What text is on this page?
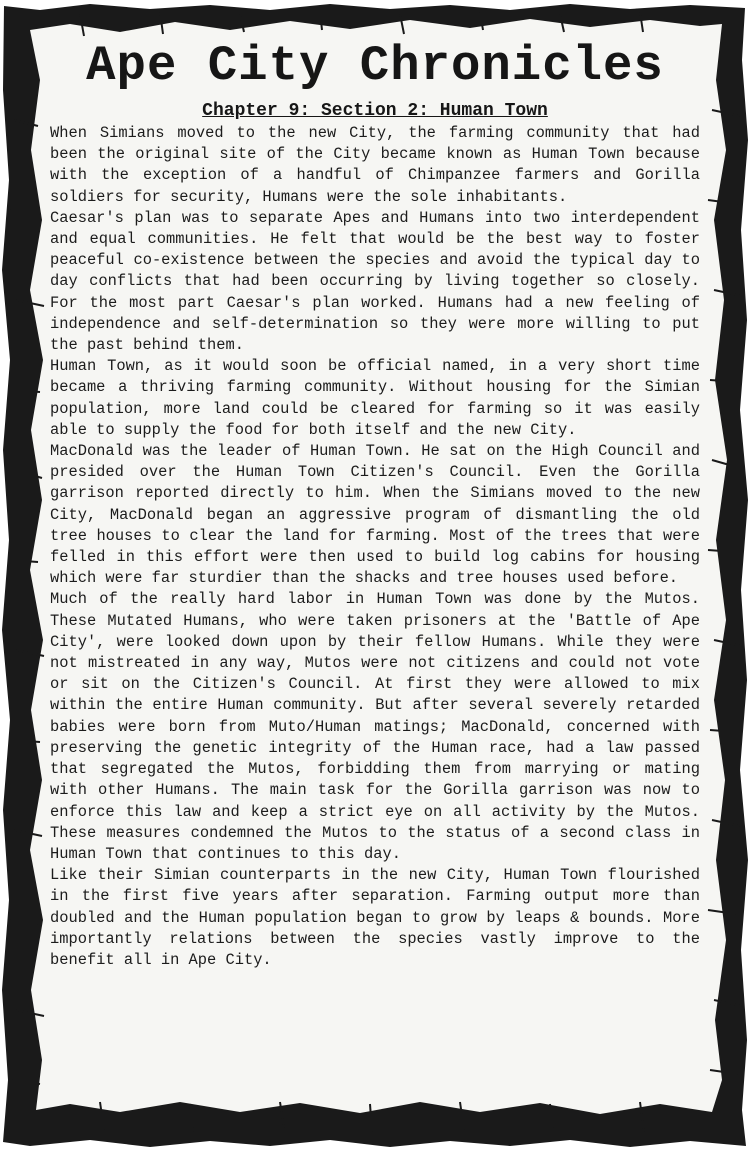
Ape City Chronicles
Chapter 9: Section 2: Human Town

When Simians moved to the new City, the farming community that had been the original site of the City became known as Human Town because with the exception of a handful of Chimpanzee farmers and Gorilla soldiers for security, Humans were the sole inhabitants.

Caesar's plan was to separate Apes and Humans into two interdependent and equal communities. He felt that would be the best way to foster peaceful co-existence between the species and avoid the typical day to day conflicts that had been occurring by living together so closely. For the most part Caesar's plan worked. Humans had a new feeling of independence and self-determination so they were more willing to put the past behind them.

Human Town, as it would soon be official named, in a very short time became a thriving farming community. Without housing for the Simian population, more land could be cleared for farming so it was easily able to supply the food for both itself and the new City.

MacDonald was the leader of Human Town. He sat on the High Council and presided over the Human Town Citizen's Council. Even the Gorilla garrison reported directly to him. When the Simians moved to the new City, MacDonald began an aggressive program of dismantling the old tree houses to clear the land for farming. Most of the trees that were felled in this effort were then used to build log cabins for housing which were far sturdier than the shacks and tree houses used before.

Much of the really hard labor in Human Town was done by the Mutos. These Mutated Humans, who were taken prisoners at the 'Battle of Ape City', were looked down upon by their fellow Humans. While they were not mistreated in any way, Mutos were not citizens and could not vote or sit on the Citizen's Council. At first they were allowed to mix within the entire Human community. But after several severely retarded babies were born from Muto/Human matings; MacDonald, concerned with preserving the genetic integrity of the Human race, had a law passed that segregated the Mutos, forbidding them from marrying or mating with other Humans. The main task for the Gorilla garrison was now to enforce this law and keep a strict eye on all activity by the Mutos. These measures condemned the Mutos to the status of a second class in Human Town that continues to this day.

Like their Simian counterparts in the new City, Human Town flourished in the first five years after separation. Farming output more than doubled and the Human population began to grow by leaps & bounds. More importantly relations between the species vastly improve to the benefit all in Ape City.
